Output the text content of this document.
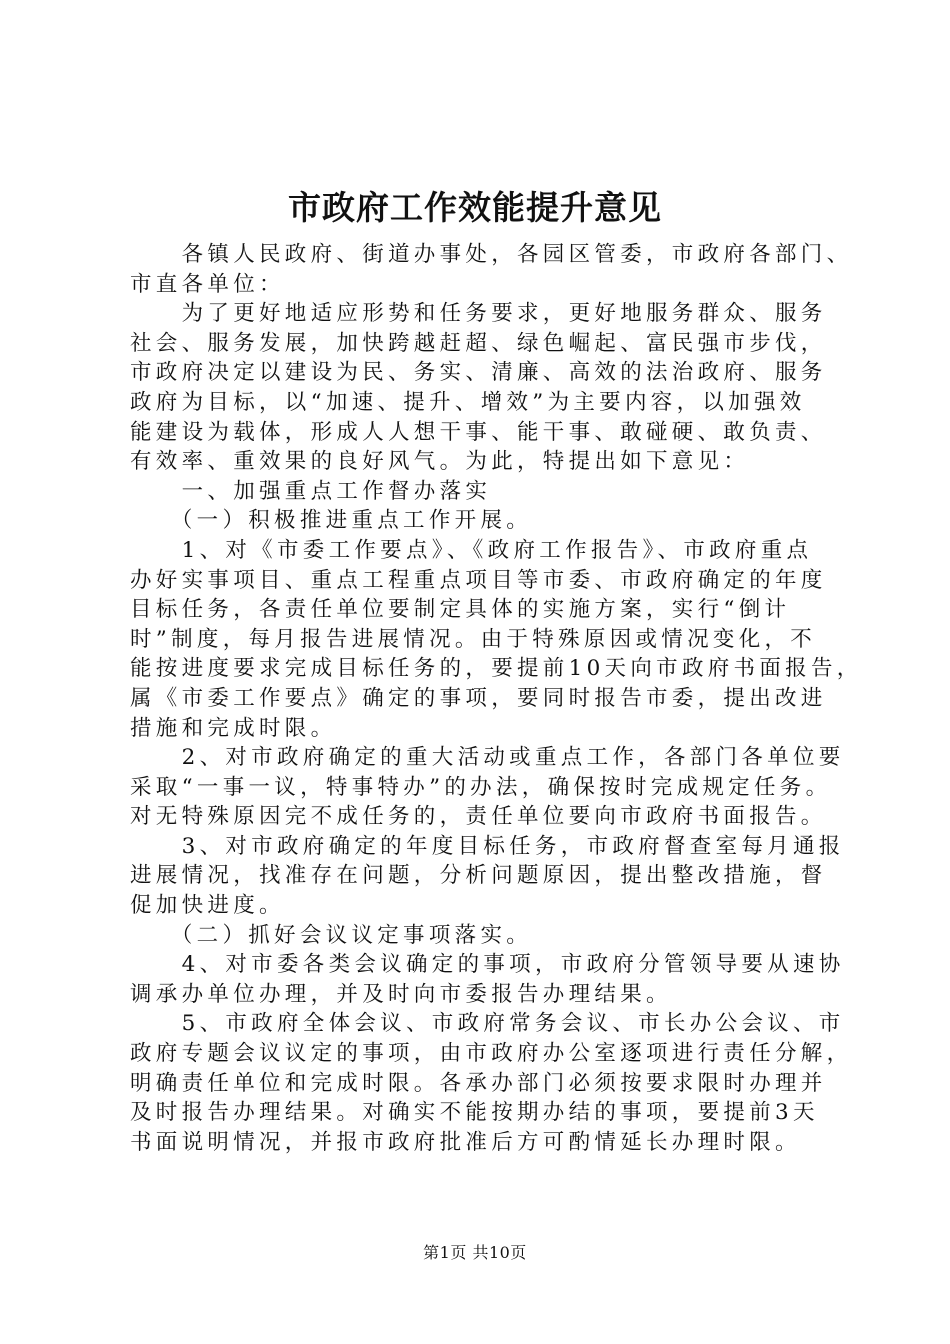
市政府工作效能提升意见
　　各镇人民政府、街道办事处，各园区管委，市政府各部门、
市直各单位：
　　为了更好地适应形势和任务要求，更好地服务群众、服务
社会、服务发展，加快跨越赶超、绿色崛起、富民强市步伐，
市政府决定以建设为民、务实、清廉、高效的法治政府、服务
政府为目标，以“加速、提升、增效”为主要内容，以加强效
能建设为载体，形成人人想干事、能干事、敢碰硬、敢负责、
有效率、重效果的良好风气。为此，特提出如下意见：
　　一、加强重点工作督办落实
　　（一）积极推进重点工作开展。
　　1、对《市委工作要点》、《政府工作报告》、市政府重点
办好实事项目、重点工程重点项目等市委、市政府确定的年度
目标任务，各责任单位要制定具体的实施方案，实行“倒计
时”制度，每月报告进展情况。由于特殊原因或情况变化，不
能按进度要求完成目标任务的，要提前10天向市政府书面报告，
属《市委工作要点》确定的事项，要同时报告市委，提出改进
措施和完成时限。
　　2、对市政府确定的重大活动或重点工作，各部门各单位要
采取“一事一议，特事特办”的办法，确保按时完成规定任务。
对无特殊原因完不成任务的，责任单位要向市政府书面报告。
　　3、对市政府确定的年度目标任务，市政府督查室每月通报
进展情况，找准存在问题，分析问题原因，提出整改措施，督
促加快进度。
　　（二）抓好会议议定事项落实。
　　4、对市委各类会议确定的事项，市政府分管领导要从速协
调承办单位办理，并及时向市委报告办理结果。
　　5、市政府全体会议、市政府常务会议、市长办公会议、市
政府专题会议议定的事项，由市政府办公室逐项进行责任分解，
明确责任单位和完成时限。各承办部门必须按要求限时办理并
及时报告办理结果。对确实不能按期办结的事项，要提前3天
书面说明情况，并报市政府批准后方可酌情延长办理时限。
第1页 共10页
